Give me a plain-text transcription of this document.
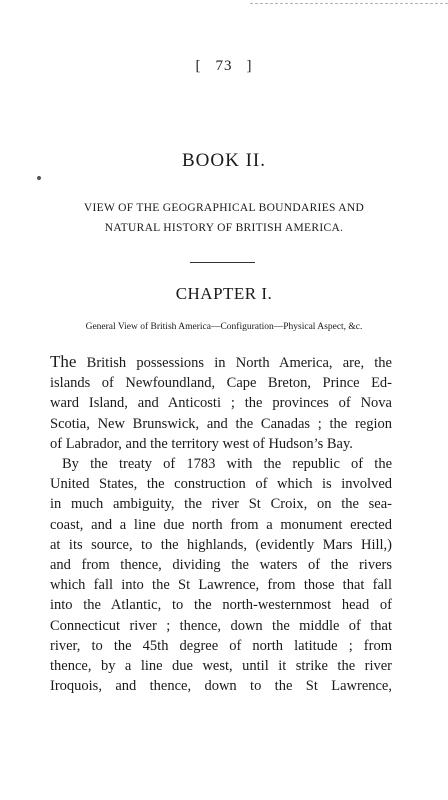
[ 73 ]
BOOK II.
VIEW OF THE GEOGRAPHICAL BOUNDARIES AND
NATURAL HISTORY OF BRITISH AMERICA.
CHAPTER I.
General View of British America—Configuration—Physical Aspect, &c.
The British possessions in North America, are, the
islands of Newfoundland, Cape Breton, Prince Ed-
ward Island, and Anticosti ; the provinces of Nova
Scotia, New Brunswick, and the Canadas ; the region
of Labrador, and the territory west of Hudson’s Bay.
By the treaty of 1783 with the republic of the
United States, the construction of which is involved
in much ambiguity, the river St Croix, on the sea-
coast, and a line due north from a monument erected
at its source, to the highlands, (evidently Mars Hill,)
and from thence, dividing the waters of the rivers
which fall into the St Lawrence, from those that fall
into the Atlantic, to the north-westernmost head of
Connecticut river ; thence, down the middle of that
river, to the 45th degree of north latitude ; from
thence, by a line due west, until it strike the river
Iroquois, and thence, down to the St Lawrence,
